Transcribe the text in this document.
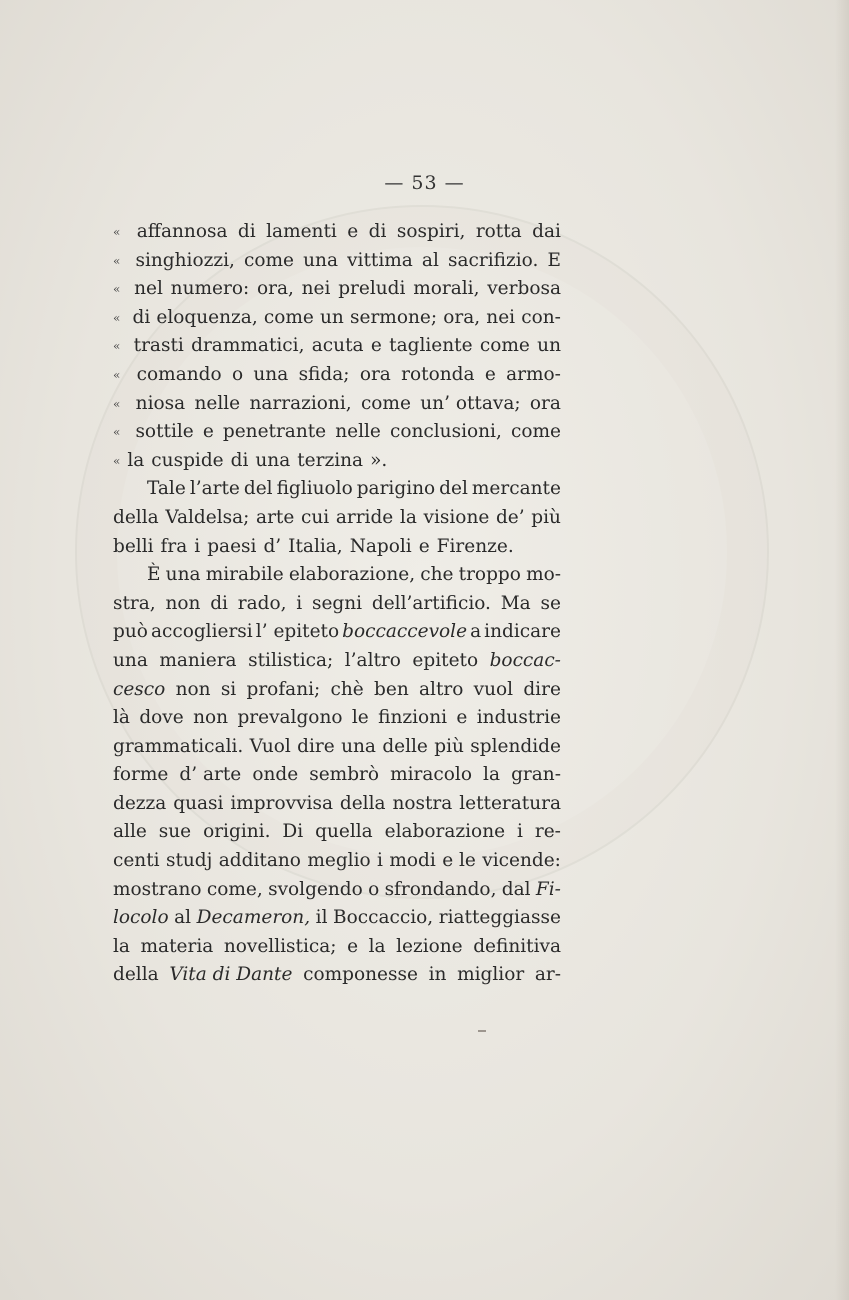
— 53 —
« affannosa di lamenti e di sospiri, rotta dai
« singhiozzi, come una vittima al sacrifizio. E
« nel numero: ora, nei preludi morali, verbosa
« di eloquenza, come un sermone; ora, nei con-
« trasti drammatici, acuta e tagliente come un
« comando o una sfida; ora rotonda e armo-
« niosa nelle narrazioni, come un’ ottava; ora
« sottile e penetrante nelle conclusioni, come
« la cuspide di una terzina ».
Tale l’arte del figliuolo parigino del mercante
della Valdelsa; arte cui arride la visione de’ più
belli fra i paesi d’ Italia, Napoli e Firenze.
È una mirabile elaborazione, che troppo mo-
stra, non di rado, i segni dell’artificio. Ma se
può accogliersi l’ epiteto boccaccevole a indicare
una maniera stilistica; l’altro epiteto boccac-
cesco non si profani; chè ben altro vuol dire
là dove non prevalgono le finzioni e industrie
grammaticali. Vuol dire una delle più splendide
forme d’ arte onde sembrò miracolo la gran-
dezza quasi improvvisa della nostra letteratura
alle sue origini. Di quella elaborazione i re-
centi studj additano meglio i modi e le vicende:
mostrano come, svolgendo o sfrondando, dal Fi-
locolo al Decameron, il Boccaccio, riatteggiasse
la materia novellistica; e la lezione definitiva
della Vita di Dante componesse in miglior ar-
